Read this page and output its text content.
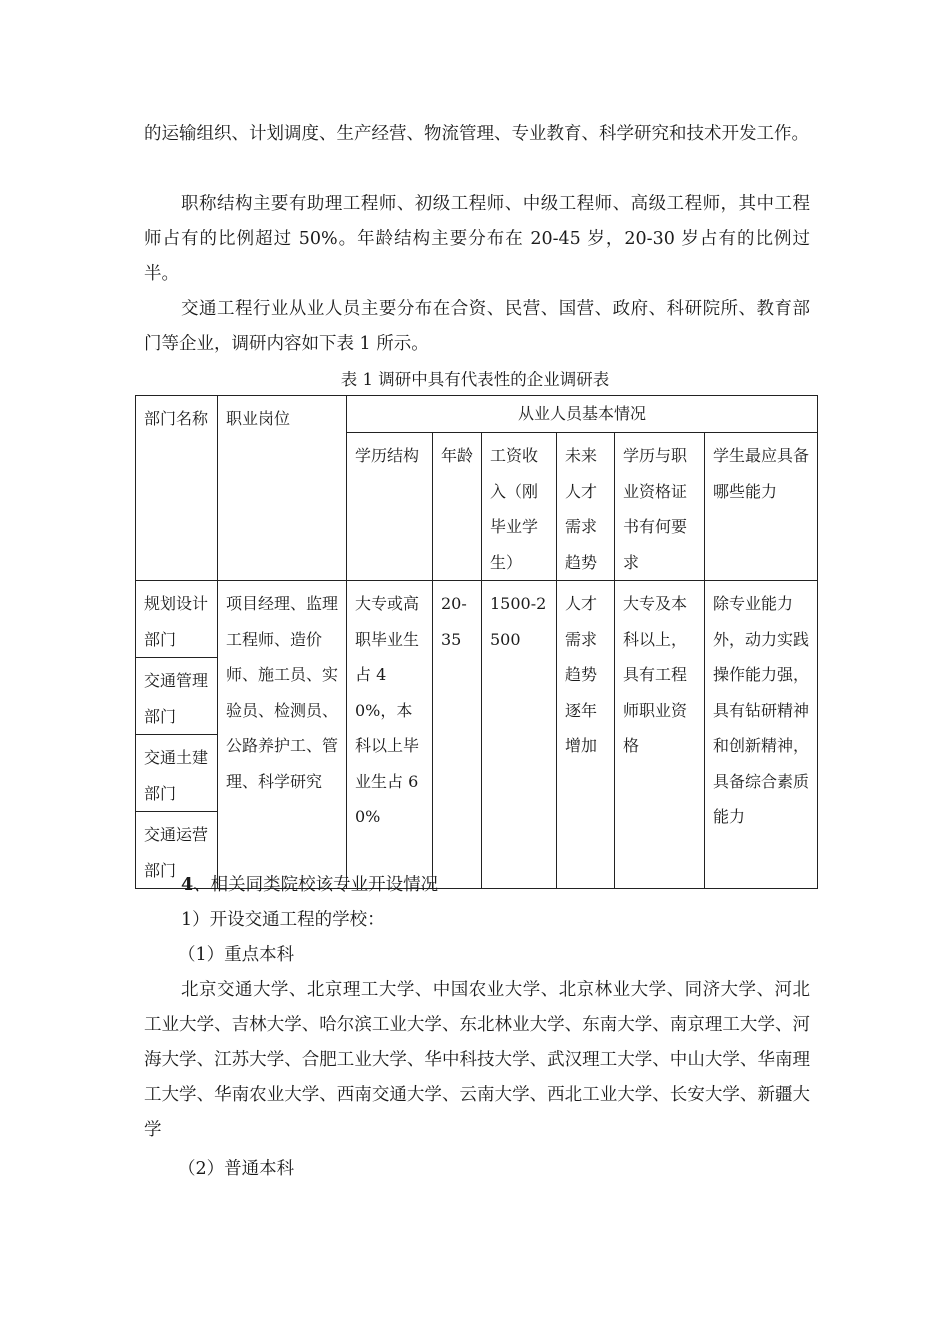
的运输组织、计划调度、生产经营、物流管理、专业教育、科学研究和技术开发工作。
职称结构主要有助理工程师、初级工程师、中级工程师、高级工程师，其中工程师占有的比例超过 50%。年龄结构主要分布在 20-45 岁，20-30 岁占有的比例过半。
交通工程行业从业人员主要分布在合资、民营、国营、政府、科研院所、教育部门等企业，调研内容如下表 1 所示。
表 1 调研中具有代表性的企业调研表
部门名称	职业岗位	从业人员基本情况					
		学历结构	年龄	工资收入（刚毕业学生）	未来人才需求趋势	学历与职业资格证书有何要求	学生最应具备哪些能力
规划设计部门	项目经理、监理工程师、造价师、施工员、实验员、检测员、公路养护工、管理、科学研究	大专或高职毕业生占 40%，本科以上毕业生占 60%	20-35	1500-2500	人才需求趋势逐年增加	大专及本科以上，具有工程师职业资格	除专业能力外，动力实践操作能力强，具有钻研精神和创新精神，具备综合素质能力
交通管理部门							
交通土建部门							
交通运营部门							
4、相关同类院校该专业开设情况
1）开设交通工程的学校：
（1）重点本科
北京交通大学、北京理工大学、中国农业大学、北京林业大学、同济大学、河北工业大学、吉林大学、哈尔滨工业大学、东北林业大学、东南大学、南京理工大学、河海大学、江苏大学、合肥工业大学、华中科技大学、武汉理工大学、中山大学、华南理工大学、华南农业大学、西南交通大学、云南大学、西北工业大学、长安大学、新疆大学
（2）普通本科
